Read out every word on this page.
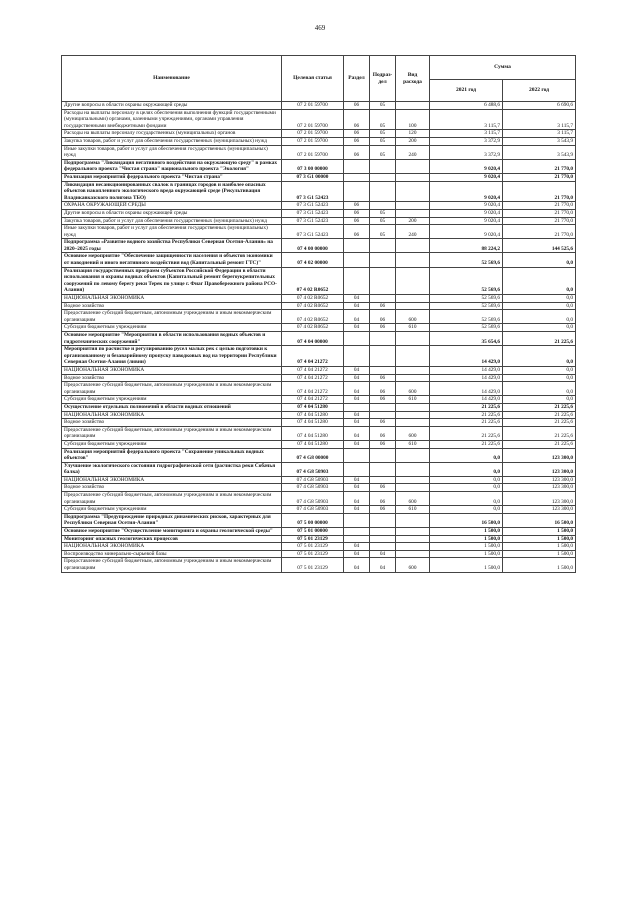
469
Наименование	Целевая статья	Раздел	Подраз-дел	Вид расхода	Сумма	
					2021 год	2022 год
Другие вопросы в области охраны окружающей среды	07 2 01 59700	06	05		6 488,6	6 690,6
Расходы на выплаты персоналу в целях обеспечения выполнения функций государственными (муниципальными) органами, казенными учреждениями, органами управления государственными внебюджетными фондами	07 2 01 59700	06	05	100	3 115,7	3 115,7
Расходы на выплаты персоналу государственных (муниципальных) органов	07 2 01 59700	06	05	120	3 115,7	3 115,7
Закупка товаров, работ и услуг для обеспечения государственных (муниципальных) нужд	07 2 01 59700	06	05	200	3 372,9	3 543,9
Иные закупки товаров, работ и услуг для обеспечения государственных (муниципальных) нужд	07 2 01 59700	06	05	240	3 372,9	3 543,9
Подпрограмма "Ликвидация негативного воздействия на окружающую среду" в рамках федерального проекта "Чистая страна" национального проекта "Экология"	07 3 00 00000				9 020,4	21 770,0
Реализация мероприятий федерального проекта "Чистая страна"	07 3 G1 00000				9 020,4	21 770,0
Ликвидация несанкционированных свалок в границах городов и наиболее опасных объектов накопленного экологического вреда окружающей среде (Рекультивация Владикавказского полигона ТБО)	07 3 G1 52423				9 020,4	21 770,0
ОХРАНА ОКРУЖАЮЩЕЙ СРЕДЫ	07 3 G1 52423	06			9 020,4	21 770,0
Другие вопросы в области охраны окружающей среды	07 3 G1 52423	06	05		9 020,4	21 770,0
Закупка товаров, работ и услуг для обеспечения государственных (муниципальных) нужд	07 3 G1 52423	06	05	200	9 020,4	21 770,0
Иные закупки товаров, работ и услуг для обеспечения государственных (муниципальных) нужд	07 3 G1 52423	06	05	240	9 020,4	21 770,0
Подпрограмма «Развитие водного хозяйства Республики Северная Осетия-Алания» на 2020–2025 годы	07 4 00 00000				88 224,2	144 525,6
Основное мероприятие "Обеспечение защищенности населения и объектов экономики от наводнений и иного негативного воздействия вод (Капитальный ремонт ГТС)"	07 4 02 00000				52 569,6	0,0
Реализация государственных программ субъектов Российской Федерации в области использования и охраны водных объектов (Капитальный ремонт берегоукрепительных сооружений по левому берегу реки Терек по улице г. Фиаг Правобережного района РСО-Алания)	07 4 02 R0652				52 569,6	0,0
НАЦИОНАЛЬНАЯ ЭКОНОМИКА	07 4 02 R0652	04			52 569,6	0,0
Водное хозяйство	07 4 02 R0652	04	06		52 569,6	0,0
Предоставление субсидий бюджетным, автономным учреждениям и иным некоммерческим организациям	07 4 02 R0652	04	06	600	52 569,6	0,0
Субсидии бюджетным учреждениям	07 4 02 R0652	04	06	610	52 569,6	0,0
Основное мероприятие "Мероприятия в области использования водных объектов и гидротехнических сооружений"	07 4 04 00000				35 654,6	21 225,6
Мероприятия по расчистке и регулированию русел малых рек с целью подготовки к организованному и безаварийному пропуску паводковых вод на территории Республики Северная Осетия-Алания (ливни)	07 4 04 21272				14 429,0	0,0
НАЦИОНАЛЬНАЯ ЭКОНОМИКА	07 4 04 21272	04			14 429,0	0,0
Водное хозяйство	07 4 04 21272	04	06		14 429,0	0,0
Предоставление субсидий бюджетным, автономным учреждениям и иным некоммерческим организациям	07 4 04 21272	04	06	600	14 429,0	0,0
Субсидии бюджетным учреждениям	07 4 04 21272	04	06	610	14 429,0	0,0
Осуществление отдельных полномочий в области водных отношений	07 4 04 51280				21 225,6	21 225,6
НАЦИОНАЛЬНАЯ ЭКОНОМИКА	07 4 04 51280	04			21 225,6	21 225,6
Водное хозяйство	07 4 04 51280	04	06		21 225,6	21 225,6
Предоставление субсидий бюджетным, автономным учреждениям и иным некоммерческим организациям	07 4 04 51280	04	06	600	21 225,6	21 225,6
Субсидии бюджетным учреждениям	07 4 04 51280	04	06	610	21 225,6	21 225,6
Реализация мероприятий федерального проекта "Сохранение уникальных водных объектов"	07 4 G8 00000				0,0	123 300,0
Улучшение экологического состояния гидрографической сети (расчистка реки Собачья балка)	07 4 G8 50903				0,0	123 300,0
НАЦИОНАЛЬНАЯ ЭКОНОМИКА	07 4 G8 50903	04			0,0	123 300,0
Водное хозяйство	07 4 G8 50903	04	06		0,0	123 300,0
Предоставление субсидий бюджетным, автономным учреждениям и иным некоммерческим организациям	07 4 G8 50903	04	06	600	0,0	123 300,0
Субсидии бюджетным учреждениям	07 4 G8 50903	04	06	610	0,0	123 300,0
Подпрограмма "Предупреждение природных динамических рисков, характерных для Республики Северная Осетия-Алания"	07 5 00 00000				16 500,0	16 500,0
Основное мероприятие "Осуществление мониторинга и охраны геологической среды"	07 5 01 00000				1 500,0	1 500,0
Мониторинг опасных геологических процессов	07 5 01 23129				1 500,0	1 500,0
НАЦИОНАЛЬНАЯ ЭКОНОМИКА	07 5 01 23129	04			1 500,0	1 500,0
Воспроизводство минерально-сырьевой базы	07 5 01 23129	04	04		1 500,0	1 500,0
Предоставление субсидий бюджетным, автономным учреждениям и иным некоммерческим организациям	07 5 01 23129	04	04	600	1 500,0	1 500,0
